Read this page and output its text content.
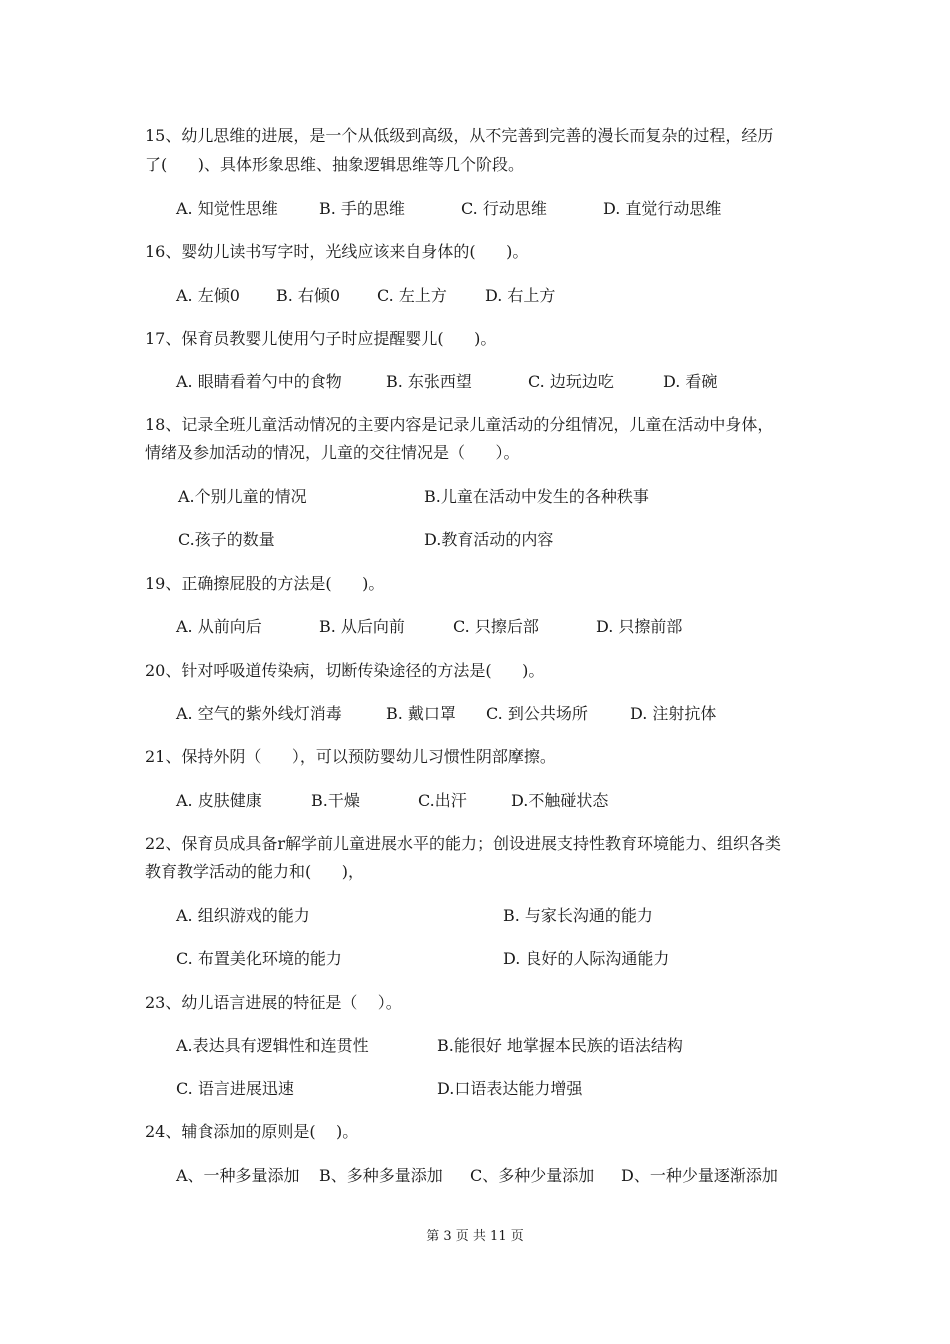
15、幼儿思维的进展，是一个从低级到高级，从不完善到完善的漫长而复杂的过程，经历
了(      )、具体形象思维、抽象逻辑思维等几个阶段。
A. 知觉性思维	B. 手的思维	C. 行动思维	D. 直觉行动思维
16、婴幼儿读书写字时，光线应该来自身体的(      )。
A. 左倾0 B. 右倾0 C. 左上方 D. 右上方
17、保育员教婴儿使用勺子时应提醒婴儿(      )。
A. 眼睛看着勺中的食物	B. 东张西望	C. 边玩边吃	D. 看碗
18、记录全班儿童活动情况的主要内容是记录儿童活动的分组情况，儿童在活动中身体，
情绪及参加活动的情况，儿童的交往情况是（      ）。
A.个别儿童的情况	B.儿童在活动中发生的各种秩事
C.孩子的数量	D.教育活动的内容
19、正确擦屁股的方法是(      )。
A. 从前向后	B. 从后向前	C. 只擦后部	D. 只擦前部
20、针对呼吸道传染病，切断传染途径的方法是(      )。
A. 空气的紫外线灯消毒	B. 戴口罩 C. 到公共场所	D. 注射抗体
21、保持外阴（      ），可以预防婴幼儿习惯性阴部摩擦。
A. 皮肤健康	B.干燥	C.出汗	D.不触碰状态
22、保育员成具备r解学前儿童进展水平的能力；创设进展支持性教育环境能力、组织各类
教育教学活动的能力和(      )，
A. 组织游戏的能力	B. 与家长沟通的能力
C. 布置美化环境的能力	D. 良好的人际沟通能力
23、幼儿语言进展的特征是（    ）。
A.表达具有逻辑性和连贯性	B.能很好 地掌握本民族的语法结构
C. 语言进展迅速	D.口语表达能力增强
24、辅食添加的原则是(    )。
A、一种多量添加 B、多种多量添加 C、多种少量添加 D、一种少量逐渐添加
第 3 页 共 11 页
